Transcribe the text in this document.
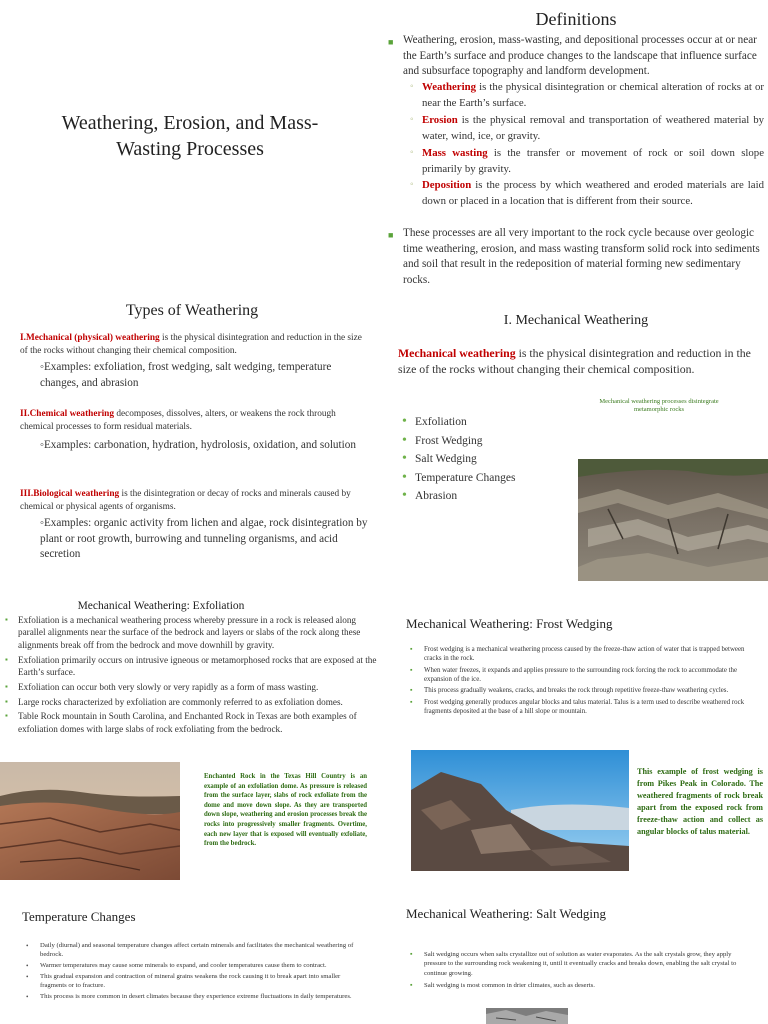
Weathering, Erosion, and Mass-Wasting Processes
Definitions
■ Weathering, erosion, mass-wasting, and depositional processes occur at or near the Earth’s surface and produce changes to the landscape that influence surface and subsurface topography and landform development.
◦ Weathering is the physical disintegration or chemical alteration of rocks at or near the Earth’s surface.
◦ Erosion is the physical removal and transportation of weathered material by water, wind, ice, or gravity.
◦ Mass wasting is the transfer or movement of rock or soil down slope primarily by gravity.
◦ Deposition is the process by which weathered and eroded materials are laid down or placed in a location that is different from their source.
■ These processes are all very important to the rock cycle because over geologic time weathering, erosion, and mass wasting transform solid rock into sediments and soil that result in the redeposition of material forming new sedimentary rocks.
Types of Weathering
I.Mechanical (physical) weathering is the physical disintegration and reduction in the size of the rocks without changing their chemical composition.
◦Examples: exfoliation, frost wedging, salt wedging, temperature changes, and abrasion
II.Chemical weathering decomposes, dissolves, alters, or weakens the rock through chemical processes to form residual materials.
◦Examples: carbonation, hydration, hydrolosis, oxidation, and solution
III.Biological weathering is the disintegration or decay of rocks and minerals caused by chemical or physical agents of organisms.
◦Examples: organic activity from lichen and algae, rock disintegration by plant or root growth, burrowing and tunneling organisms, and acid secretion
I. Mechanical Weathering
Mechanical weathering is the physical disintegration and reduction in the size of the rocks without changing their chemical composition.
• Exfoliation
• Frost Wedging
• Salt Wedging
• Temperature Changes
• Abrasion
Mechanical weathering processes disintegrate metamorphic rocks
Mechanical Weathering: Exfoliation
▪ Exfoliation is a mechanical weathering process whereby pressure in a rock is released along parallel alignments near the surface of the bedrock and layers or slabs of the rock along these alignments break off from the bedrock and move downhill by gravity.
▪ Exfoliation primarily occurs on intrusive igneous or metamorphosed rocks that are exposed at the Earth’s surface.
▪ Exfoliation can occur both very slowly or very rapidly as a form of mass wasting.
▪ Large rocks characterized by exfoliation are commonly referred to as exfoliation domes.
▪ Table Rock mountain in South Carolina, and Enchanted Rock in Texas are both examples of exfoliation domes with large slabs of rock exfoliating from the bedrock.
Enchanted Rock in the Texas Hill Country is an example of an exfoliation dome. As pressure is released from the surface layer, slabs of rock exfoliate from the dome and move down slope. As they are transported down slope, weathering and erosion processes break the rocks into progressively smaller fragments. Overtime, each new layer that is exposed will eventually exfoliate, from the bedrock.
Mechanical Weathering: Frost Wedging
▪ Frost wedging is a mechanical weathering process caused by the freeze-thaw action of water that is trapped between cracks in the rock.
▪ When water freezes, it expands and applies pressure to the surrounding rock forcing the rock to accommodate the expansion of the ice.
▪ This process gradually weakens, cracks, and breaks the rock through repetitive freeze-thaw weathering cycles.
▪ Frost wedging generally produces angular blocks and talus material. Talus is a term used to describe weathered rock fragments deposited at the base of a hill slope or mountain.
This example of frost wedging is from Pikes Peak in Colorado. The weathered fragments of rock break apart from the exposed rock from freeze-thaw action and collect as angular blocks of talus material.
Temperature Changes
• Daily (diurnal) and seasonal temperature changes affect certain minerals and facilitates the mechanical weathering of bedrock.
• Warmer temperatures may cause some minerals to expand, and cooler temperatures cause them to contract.
• This gradual expansion and contraction of mineral grains weakens the rock causing it to break apart into smaller fragments or to fracture.
• This process is more common in desert climates because they experience extreme fluctuations in daily temperatures.
Mechanical Weathering: Salt Wedging
▪ Salt wedging occurs when salts crystallize out of solution as water evaporates. As the salt crystals grow, they apply pressure to the surrounding rock weakening it, until it eventually cracks and breaks down, enabling the salt crystal to continue growing.
▪ Salt wedging is most common in drier climates, such as deserts.
